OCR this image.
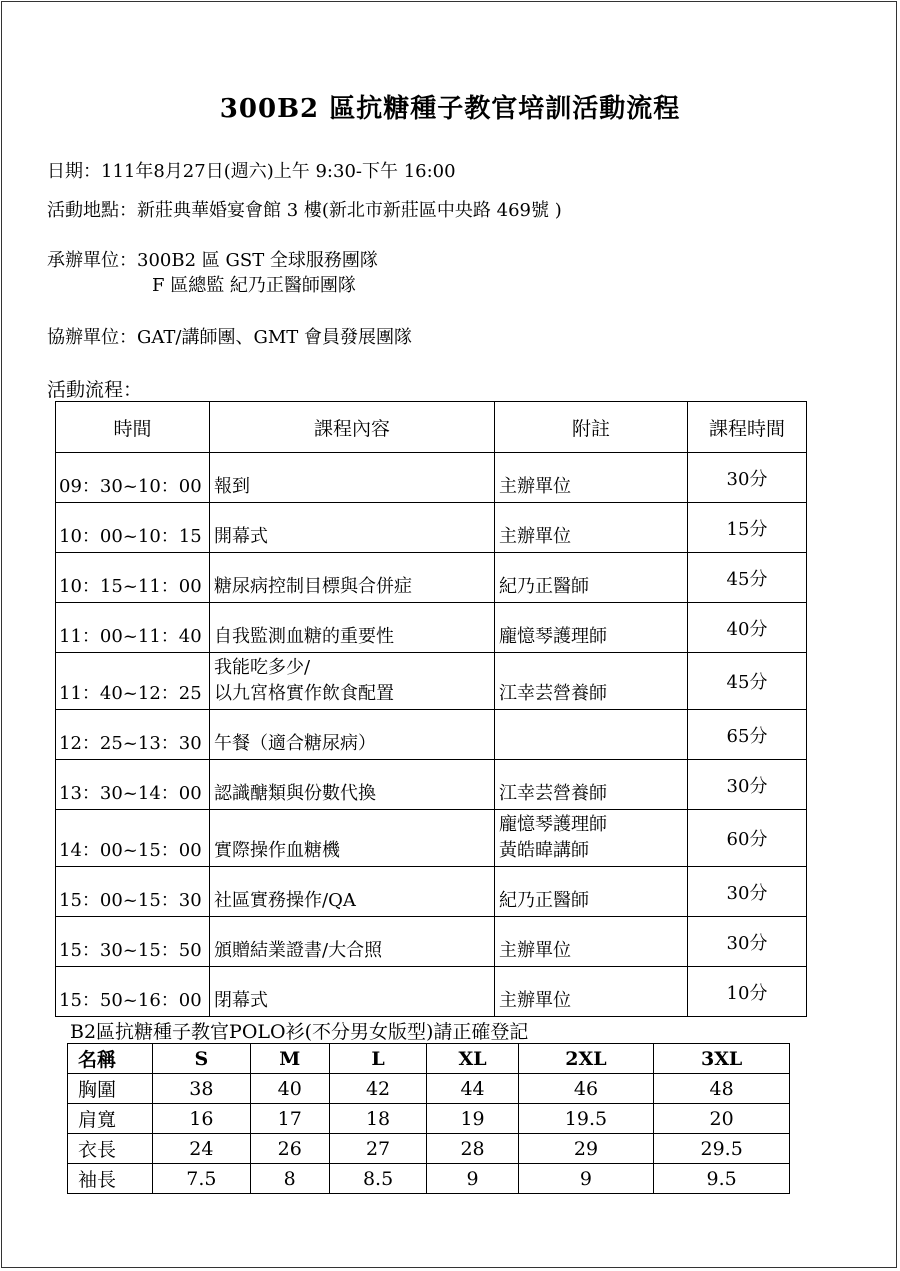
300B2 區抗糖種子教官培訓活動流程
日期：111年8月27日(週六)上午 9:30-下午 16:00
活動地點：新莊典華婚宴會館 3 樓(新北市新莊區中央路 469號 )
承辦單位：300B2 區 GST 全球服務團隊
F 區總監 紀乃正醫師團隊
協辦單位：GAT/講師團、GMT 會員發展團隊
活動流程：
時間	課程內容	附註	課程時間
09：30~10：00	報到	主辦單位	30分
10：00~10：15	開幕式	主辦單位	15分
10：15~11：00	糖尿病控制目標與合併症	紀乃正醫師	45分
11：00~11：40	自我監測血糖的重要性	龐憶琴護理師	40分
11：40~12：25	我能吃多少/
以九宮格實作飲食配置	江幸芸營養師	45分
12：25~13：30	午餐（適合糖尿病）		65分
13：30~14：00	認識醣類與份數代換	江幸芸營養師	30分
14：00~15：00	實際操作血糖機	龐憶琴護理師
黃皓暐講師	60分
15：00~15：30	社區實務操作/QA	紀乃正醫師	30分
15：30~15：50	頒贈結業證書/大合照	主辦單位	30分
15：50~16：00	閉幕式	主辦單位	10分
B2區抗糖種子教官POLO衫(不分男女版型)請正確登記
名稱	S	M	L	XL	2XL	3XL
胸圍	38	40	42	44	46	48
肩寬	16	17	18	19	19.5	20
衣長	24	26	27	28	29	29.5
袖長	7.5	8	8.5	9	9	9.5
